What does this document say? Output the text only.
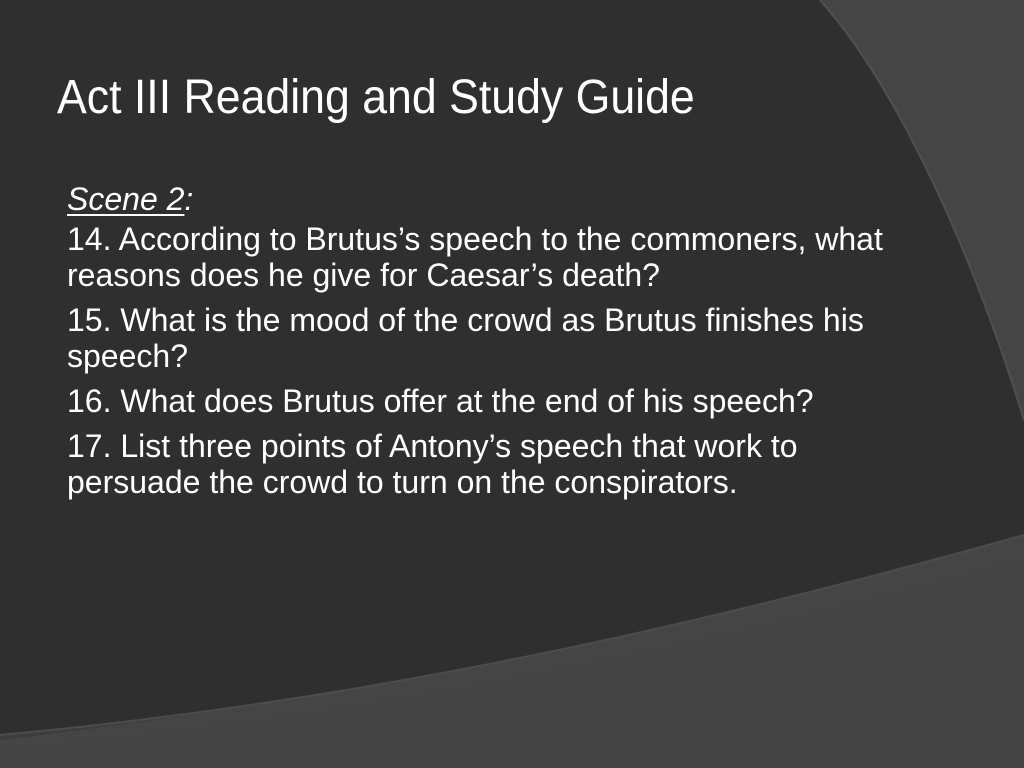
Act III Reading and Study Guide

Scene 2:

14. According to Brutus’s speech to the commoners, what reasons does he give for Caesar’s death?

15. What is the mood of the crowd as Brutus finishes his speech?

16. What does Brutus offer at the end of his speech?

17. List three points of Antony’s speech that work to persuade the crowd to turn on the conspirators.
